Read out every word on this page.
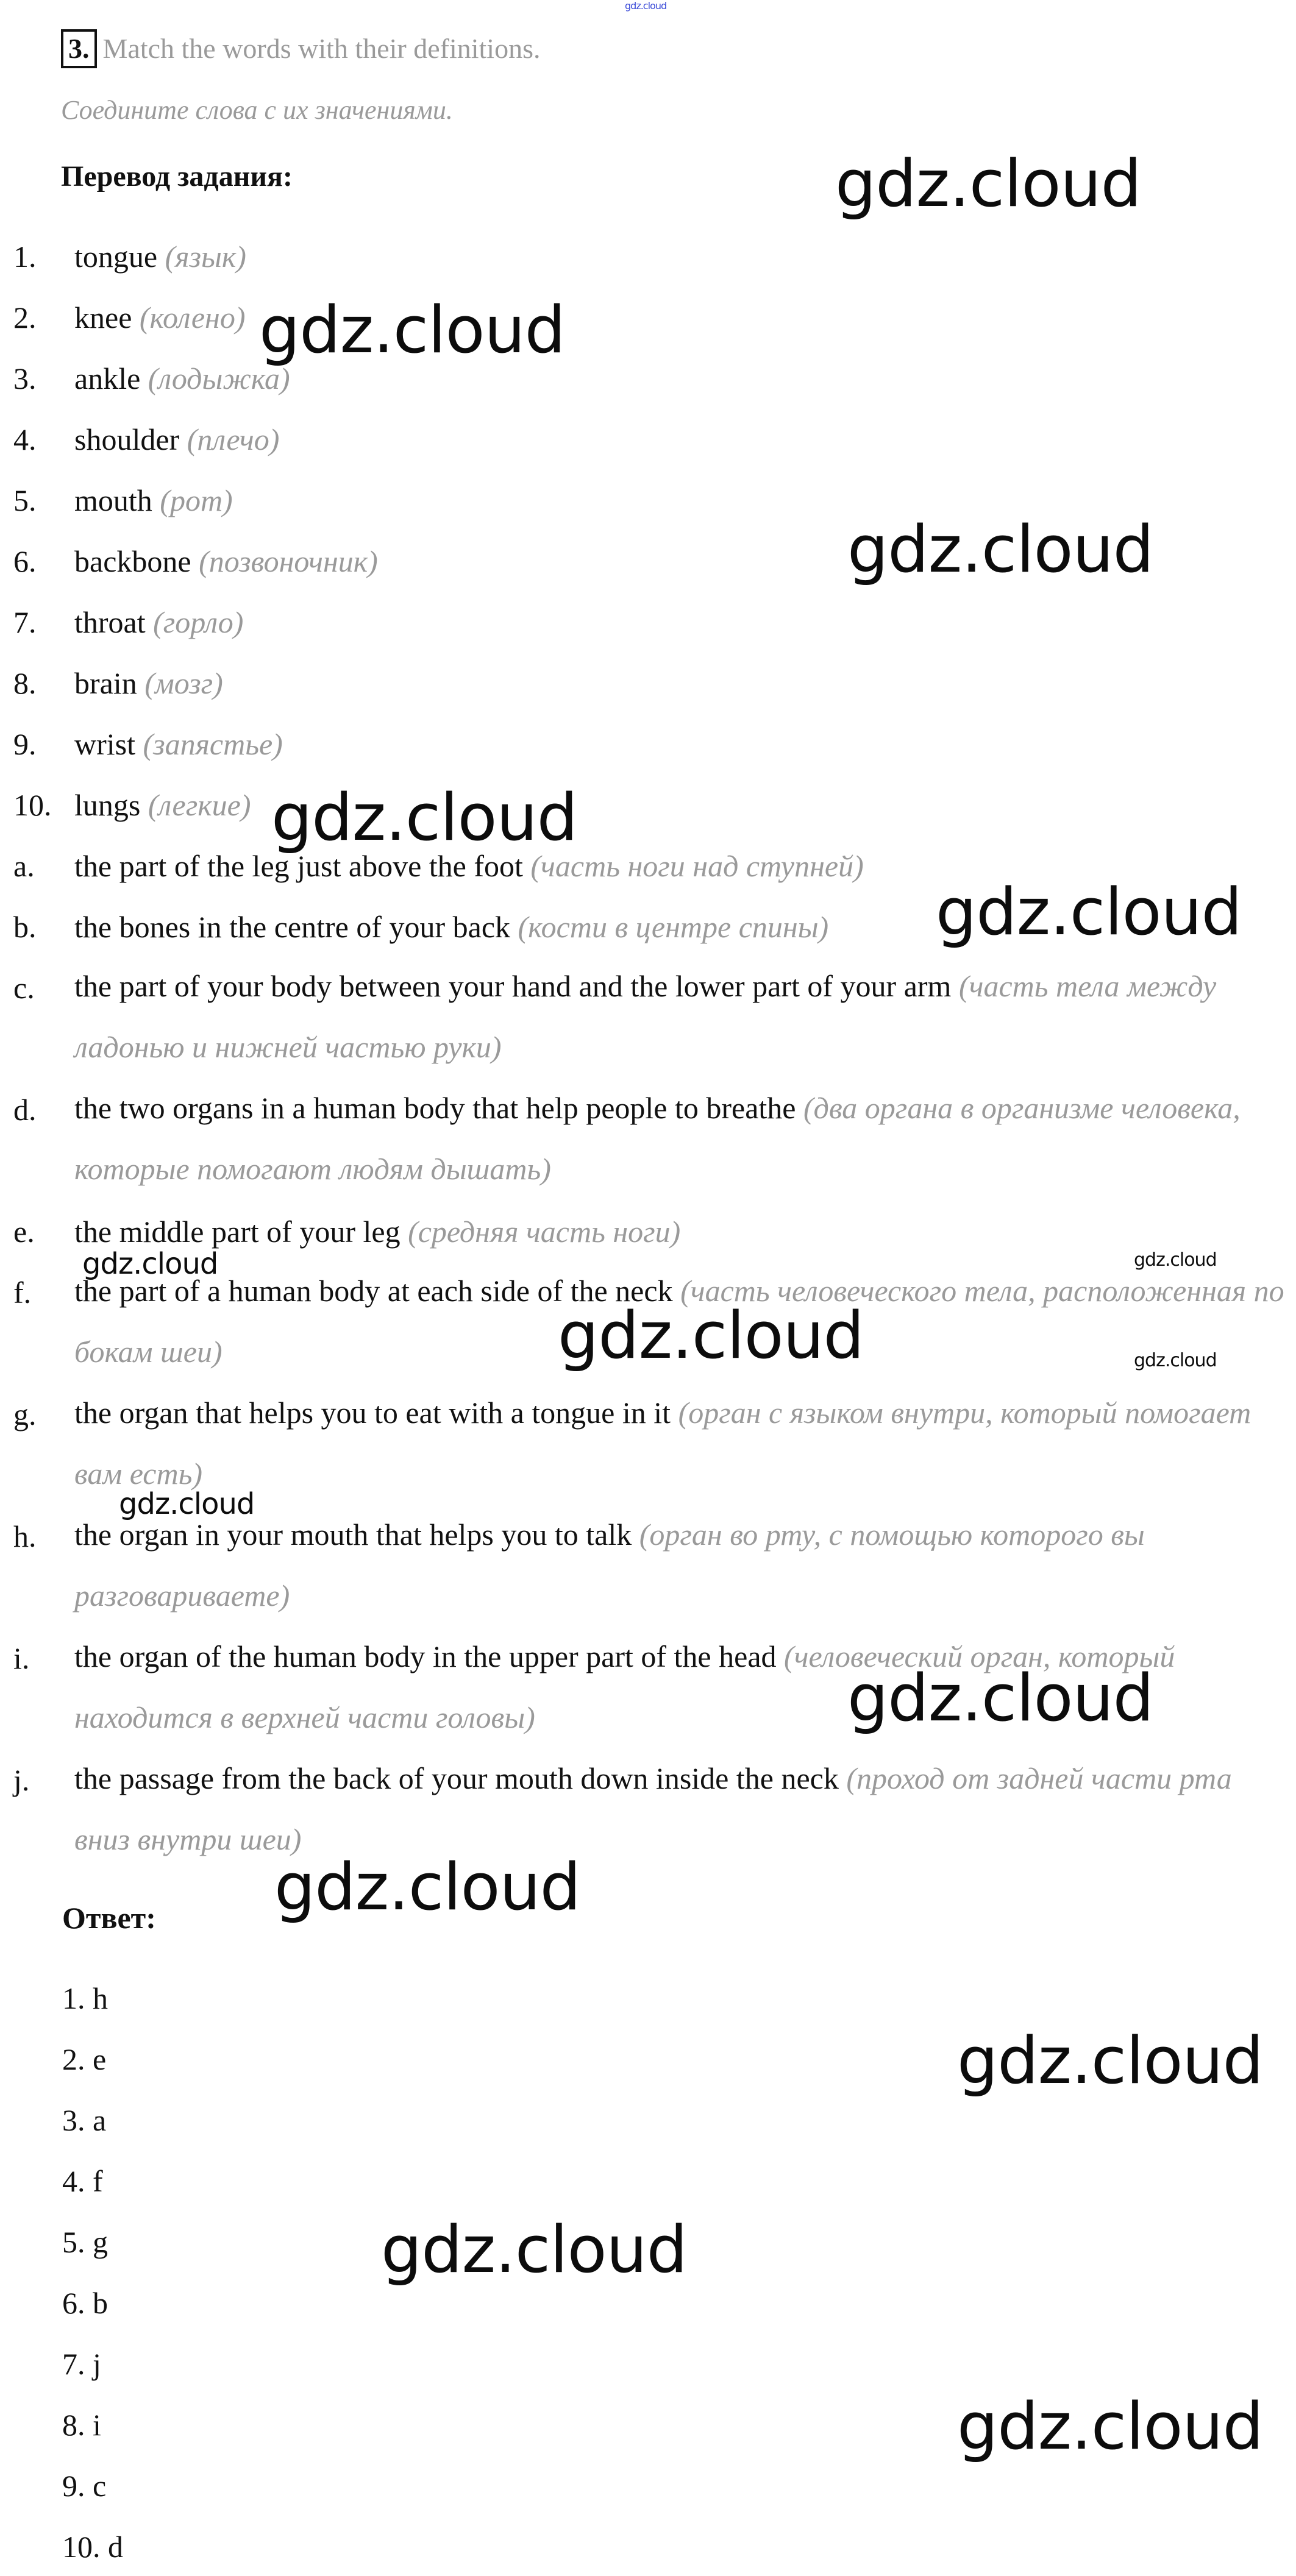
gdz.cloud
3. Match the words with their definitions.
Соедините слова с их значениями.
Перевод задания:
1. tongue (язык)
2. knee (колено)
3. ankle (лодыжка)
4. shoulder (плечо)
5. mouth (рот)
6. backbone (позвоночник)
7. throat (горло)
8. brain (мозг)
9. wrist (запястье)
10. lungs (легкие)
a. the part of the leg just above the foot (часть ноги над ступней)
b. the bones in the centre of your back (кости в центре спины)
c. the part of your body between your hand and the lower part of your arm (часть тела между ладонью и нижней частью руки)
d. the two organs in a human body that help people to breathe (два органа в организме человека, которые помогают людям дышать)
e. the middle part of your leg (средняя часть ноги)
f. the part of a human body at each side of the neck (часть человеческого тела, расположенная по бокам шеи)
g. the organ that helps you to eat with a tongue in it (орган с языком внутри, который помогает вам есть)
h. the organ in your mouth that helps you to talk (орган во рту, с помощью которого вы разговариваете)
i. the organ of the human body in the upper part of the head (человеческий орган, который находится в верхней части головы)
j. the passage from the back of your mouth down inside the neck (проход от задней части рта вниз внутри шеи)
Ответ:
1. h
2. e
3. a
4. f
5. g
6. b
7. j
8. i
9. c
10. d
gdz.cloud
gdz.cloud
gdz.cloud
gdz.cloud
gdz.cloud
gdz.cloud	gdz.cloud
gdz.cloud	gdz.cloud
gdz.cloud
gdz.cloud
gdz.cloud
gdz.cloud
gdz.cloud
gdz.cloud
